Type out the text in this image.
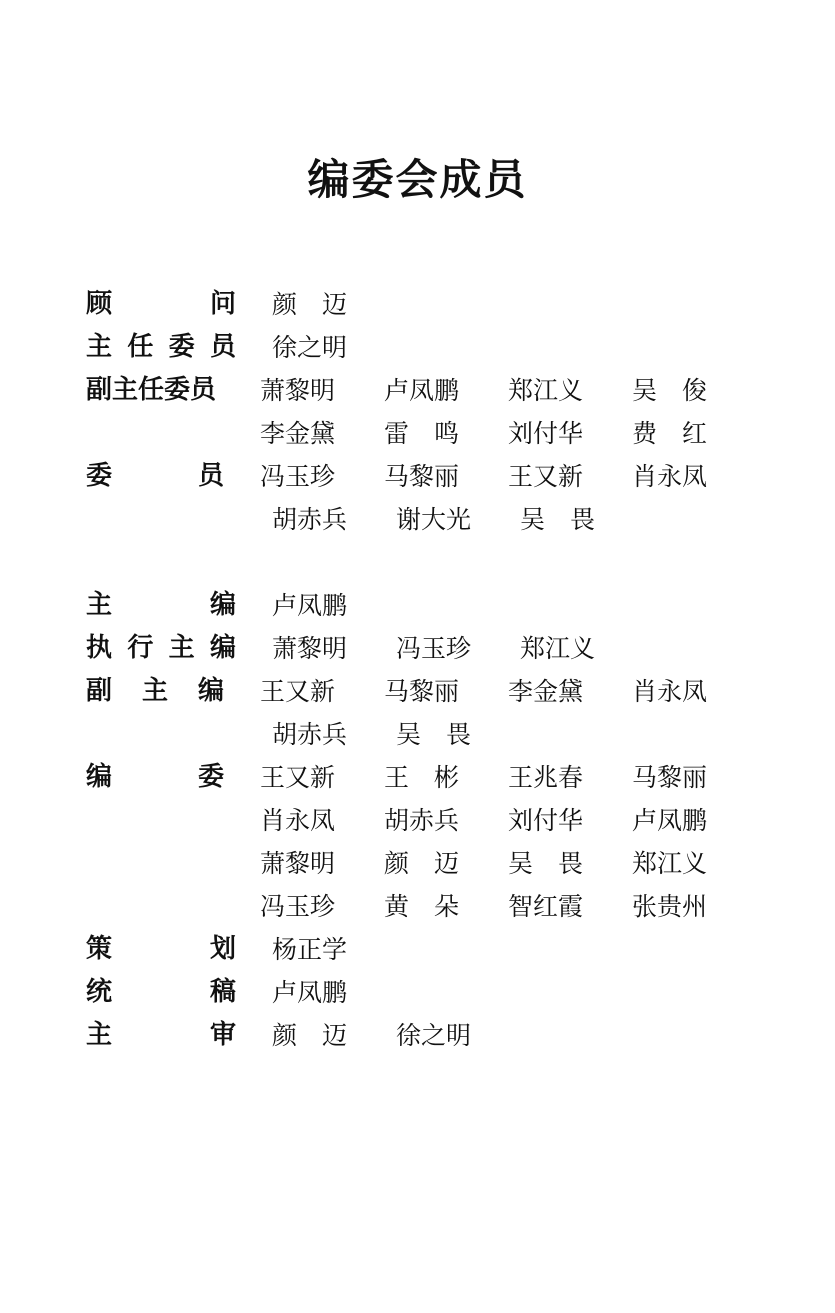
编委会成员
顾	问 颜　迈
主 任 委 员 徐之明
副主任委员 萧黎明	卢凤鹏	郑江义	吴　俊
李金黛	雷　鸣	刘付华	费　红
委	员 冯玉珍	马黎丽	王又新	肖永凤
胡赤兵	谢大光	吴　畏
主	编 卢凤鹏
执 行 主 编 萧黎明	冯玉珍	郑江义
副 主 编 王又新	马黎丽	李金黛	肖永凤
胡赤兵	吴　畏
编	委 王又新	王　彬	王兆春	马黎丽
肖永凤	胡赤兵	刘付华	卢凤鹏
萧黎明	颜　迈	吴　畏	郑江义
冯玉珍	黄　朵	智红霞	张贵州
策	划 杨正学
统	稿 卢凤鹏
主	审 颜　迈	徐之明
